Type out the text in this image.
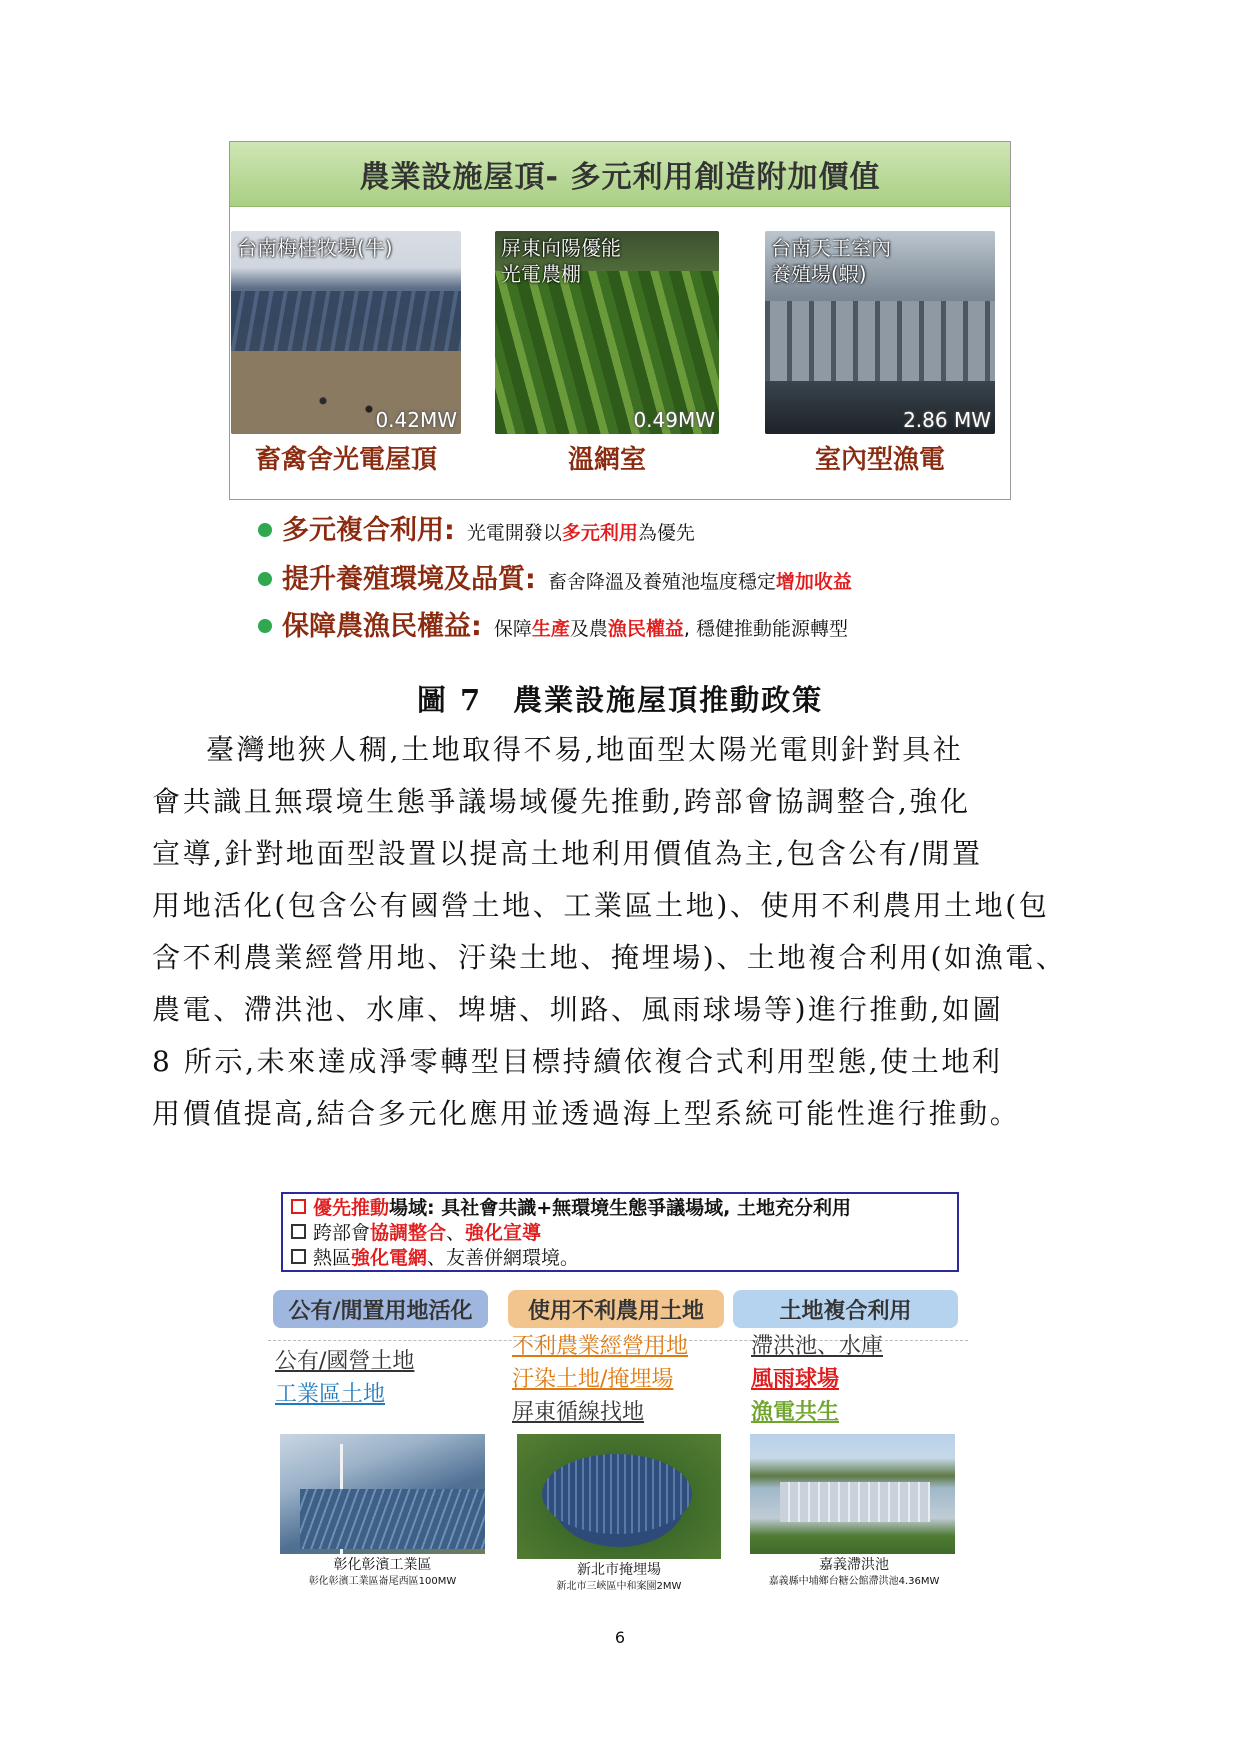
農業設施屋頂- 多元利用創造附加價值
台南梅桂牧場(牛)
0.42MW
屏東向陽優能
光電農棚
0.49MW
台南天王室內
養殖場(蝦)
2.86 MW
畜禽舍光電屋頂	溫網室	室內型漁電
多元複合利用: 光電開發以 多元利用 為優先
提升養殖環境及品質: 畜舍降溫及養殖池塩度穩定 增加收益
保障農漁民權益: 保障 生產 及農 漁民權益 , 穩健推動能源轉型
圖 7　農業設施屋頂推動政策
臺灣地狹人稠,土地取得不易,地面型太陽光電則針對具社
會共識且無環境生態爭議場域優先推動,跨部會協調整合,強化
宣導,針對地面型設置以提高土地利用價值為主,包含公有/閒置
用地活化(包含公有國營土地、工業區土地)、使用不利農用土地(包
含不利農業經營用地、汙染土地、掩埋場)、土地複合利用(如漁電、
農電、滯洪池、水庫、埤塘、圳路、風雨球場等)進行推動,如圖
8 所示,未來達成淨零轉型目標持續依複合式利用型態,使土地利
用價值提高,結合多元化應用並透過海上型系統可能性進行推動。
優先推動場域: 具社會共識+無環境生態爭議場域, 土地充分利用
跨部會協調整合、強化宣導
熱區強化電網、友善併網環境。
公有/閒置用地活化	使用不利農用土地	土地複合利用
公有/國營土地
工業區土地
不利農業經營用地
汙染土地/掩埋場
屏東循線找地
滯洪池、水庫
風雨球場
漁電共生
彰化彰濱工業區
彰化彰濱工業區崙尾西區100MW
新北市掩埋場
新北市三峽區中和案園2MW
嘉義滯洪池
嘉義縣中埔鄉台糖公館滯洪池4.36MW
6
